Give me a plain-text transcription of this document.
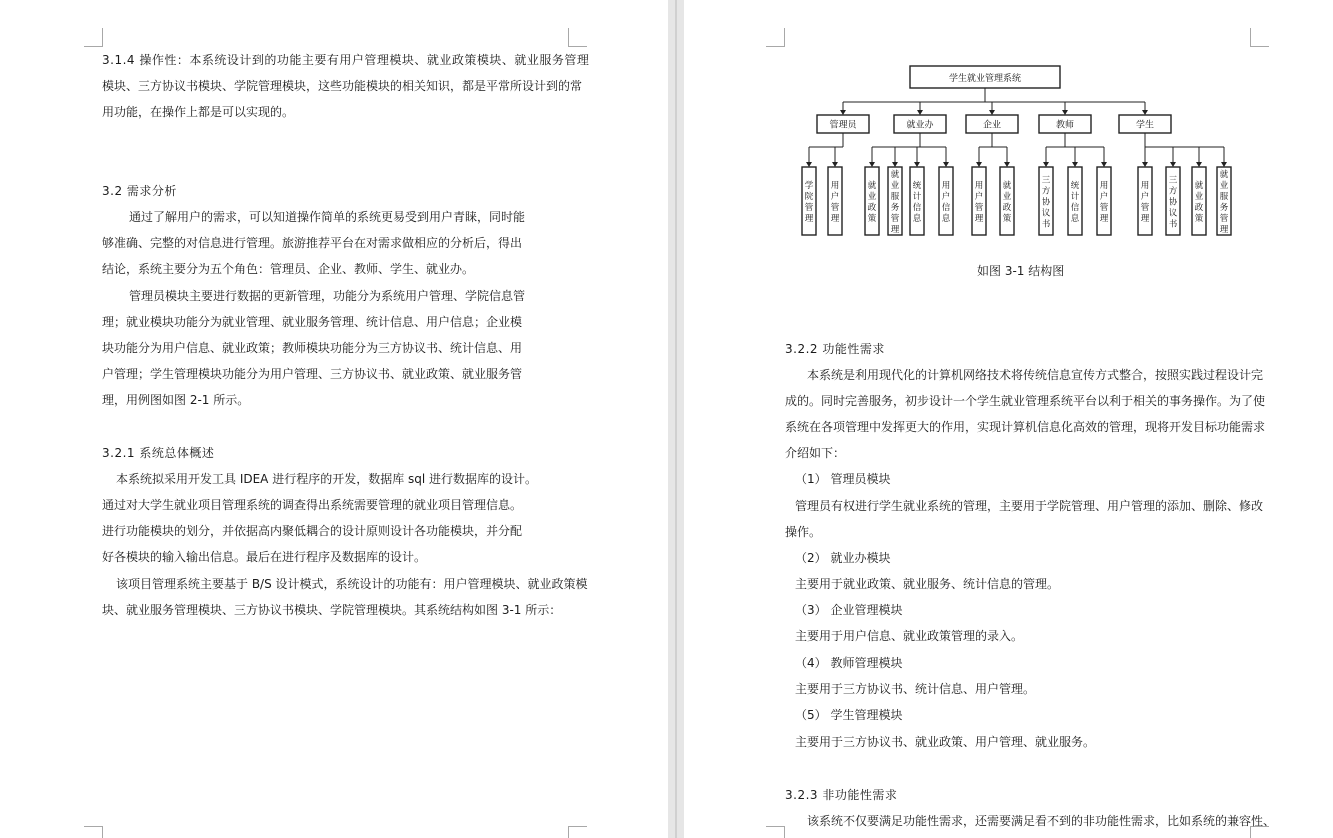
3.1.4 操作性：本系统设计到的功能主要有用户管理模块、就业政策模块、就业服务管理
模块、三方协议书模块、学院管理模块，这些功能模块的相关知识，都是平常所设计到的常
用功能，在操作上都是可以实现的。
3.2 需求分析
通过了解用户的需求，可以知道操作简单的系统更易受到用户青睐，同时能
够准确、完整的对信息进行管理。旅游推荐平台在对需求做相应的分析后，得出
结论，系统主要分为五个角色：管理员、企业、教师、学生、就业办。
管理员模块主要进行数据的更新管理，功能分为系统用户管理、学院信息管
理；就业模块功能分为就业管理、就业服务管理、统计信息、用户信息；企业模
块功能分为用户信息、就业政策；教师模块功能分为三方协议书、统计信息、用
户管理；学生管理模块功能分为用户管理、三方协议书、就业政策、就业服务管
理，用例图如图 2-1 所示。
3.2.1 系统总体概述
本系统拟采用开发工具 IDEA 进行程序的开发，数据库 sql 进行数据库的设计。
通过对大学生就业项目管理系统的调查得出系统需要管理的就业项目管理信息。
进行功能模块的划分，并依据高内聚低耦合的设计原则设计各功能模块，并分配
好各模块的输入输出信息。最后在进行程序及数据库的设计。
该项目管理系统主要基于 B/S 设计模式，系统设计的功能有：用户管理模块、就业政策模
块、就业服务管理模块、三方协议书模块、学院管理模块。其系统结构如图 3-1 所示：
学生就业管理系统
管理员
学院管理
用户管理
就业办
就业政策
就业服务管理
统计信息
用户信息
企业
用户管理
就业政策
教师
三方协议书
统计信息
用户管理
学生
用户管理
三方协议书
就业政策
就业服务管理
如图 3-1 结构图
3.2.2 功能性需求
本系统是利用现代化的计算机网络技术将传统信息宣传方式整合，按照实践过程设计完
成的。同时完善服务，初步设计一个学生就业管理系统平台以利于相关的事务操作。为了使
系统在各项管理中发挥更大的作用，实现计算机信息化高效的管理，现将开发目标功能需求
介绍如下：
（1） 管理员模块
管理员有权进行学生就业系统的管理，主要用于学院管理、用户管理的添加、删除、修改
操作。
（2） 就业办模块
主要用于就业政策、就业服务、统计信息的管理。
（3） 企业管理模块
主要用于用户信息、就业政策管理的录入。
（4） 教师管理模块
主要用于三方协议书、统计信息、用户管理。
（5） 学生管理模块
主要用于三方协议书、就业政策、用户管理、就业服务。
3.2.3 非功能性需求
该系统不仅要满足功能性需求，还需要满足看不到的非功能性需求，比如系统的兼容性、
